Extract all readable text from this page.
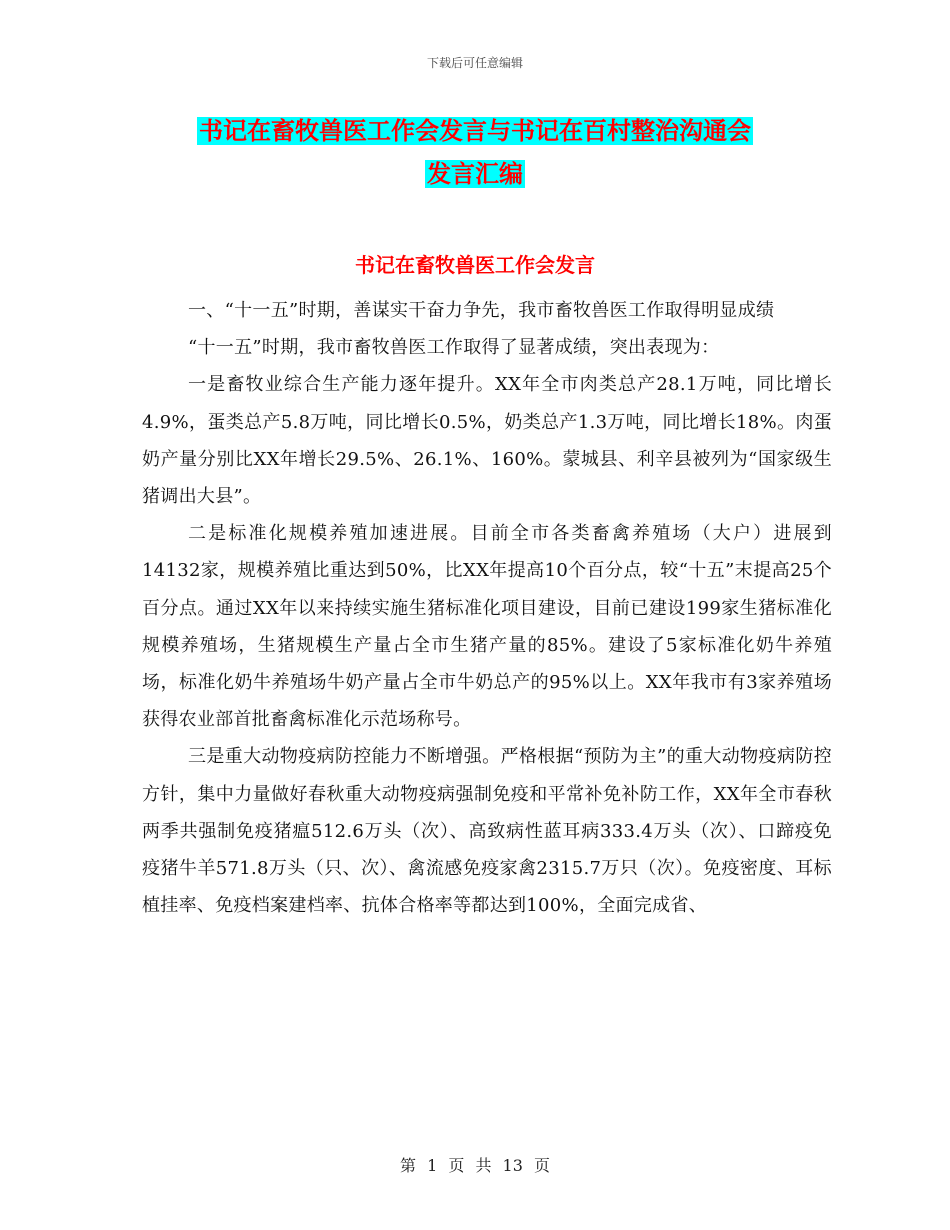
下载后可任意编辑
书记在畜牧兽医工作会发言与书记在百村整治沟通会
发言汇编
书记在畜牧兽医工作会发言

一、“十一五”时期，善谋实干奋力争先，我市畜牧兽医工作取得明显成绩

“十一五”时期，我市畜牧兽医工作取得了显著成绩，突出表现为：

一是畜牧业综合生产能力逐年提升。XX年全市肉类总产28.1万吨，同比增长4.9%，蛋类总产5.8万吨，同比增长0.5%，奶类总产1.3万吨，同比增长18%。肉蛋奶产量分别比XX年增长29.5%、26.1%、160%。蒙城县、利辛县被列为“国家级生猪调出大县”。

二是标准化规模养殖加速进展。目前全市各类畜禽养殖场（大户）进展到14132家，规模养殖比重达到50%，比XX年提高10个百分点，较“十五”末提高25个百分点。通过XX年以来持续实施生猪标准化项目建设，目前已建设199家生猪标准化规模养殖场，生猪规模生产量占全市生猪产量的85%。建设了5家标准化奶牛养殖场，标准化奶牛养殖场牛奶产量占全市牛奶总产的95%以上。XX年我市有3家养殖场获得农业部首批畜禽标准化示范场称号。

三是重大动物疫病防控能力不断增强。严格根据“预防为主”的重大动物疫病防控方针，集中力量做好春秋重大动物疫病强制免疫和平常补免补防工作，XX年全市春秋两季共强制免疫猪瘟512.6万头（次）、高致病性蓝耳病333.4万头（次）、口蹄疫免疫猪牛羊571.8万头（只、次）、禽流感免疫家禽2315.7万只（次）。免疫密度、耳标植挂率、免疫档案建档率、抗体合格率等都达到100%，全面完成省、

第 1 页 共 13 页
